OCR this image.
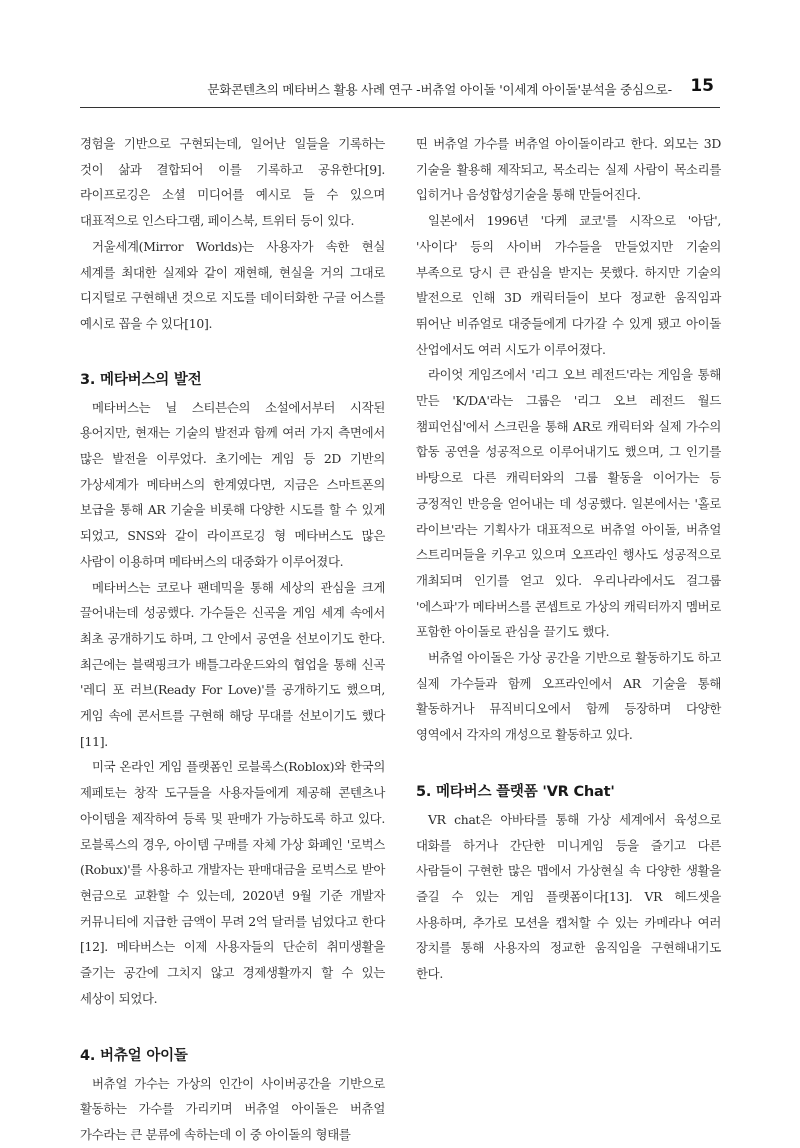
문화콘텐츠의 메타버스 활용 사례 연구 -버츄얼 아이돌 '이세계 아이돌'분석을 중심으로- 15

경험을 기반으로 구현되는데, 일어난 일들을 기록하는 것이 삶과 결합되어 이를 기록하고 공유한다[9]. 라이프로깅은 소셜 미디어를 예시로 들 수 있으며 대표적으로 인스타그램, 페이스북, 트위터 등이 있다.

거울세계(Mirror Worlds)는 사용자가 속한 현실 세계를 최대한 실제와 같이 재현해, 현실을 거의 그대로 디지털로 구현해낸 것으로 지도를 데이터화한 구글 어스를 예시로 꼽을 수 있다[10].

3. 메타버스의 발전

메타버스는 닐 스티븐슨의 소설에서부터 시작된 용어지만, 현재는 기술의 발전과 함께 여러 가지 측면에서 많은 발전을 이루었다. 초기에는 게임 등 2D 기반의 가상세계가 메타버스의 한계였다면, 지금은 스마트폰의 보급을 통해 AR 기술을 비롯해 다양한 시도를 할 수 있게 되었고, SNS와 같이 라이프로깅 형 메타버스도 많은 사람이 이용하며 메타버스의 대중화가 이루어졌다.

메타버스는 코로나 팬데믹을 통해 세상의 관심을 크게 끌어내는데 성공했다. 가수들은 신곡을 게임 세계 속에서 최초 공개하기도 하며, 그 안에서 공연을 선보이기도 한다. 최근에는 블랙핑크가 배틀그라운드와의 협업을 통해 신곡 '레디 포 러브(Ready For Love)'를 공개하기도 했으며, 게임 속에 콘서트를 구현해 해당 무대를 선보이기도 했다[11].

미국 온라인 게임 플랫폼인 로블록스(Roblox)와 한국의 제페토는 창작 도구들을 사용자들에게 제공해 콘텐츠나 아이템을 제작하여 등록 및 판매가 가능하도록 하고 있다. 로블록스의 경우, 아이템 구매를 자체 가상 화폐인 '로벅스(Robux)'를 사용하고 개발자는 판매대금을 로벅스로 받아 현금으로 교환할 수 있는데, 2020년 9월 기준 개발자 커뮤니티에 지급한 금액이 무려 2억 달러를 넘었다고 한다[12]. 메타버스는 이제 사용자들의 단순히 취미생활을 즐기는 공간에 그치지 않고 경제생활까지 할 수 있는 세상이 되었다.

4. 버츄얼 아이돌

버츄얼 가수는 가상의 인간이 사이버공간을 기반으로 활동하는 가수를 가리키며 버츄얼 아이돌은 버츄얼 가수라는 큰 분류에 속하는데 이 중 아이돌의 형태를

띤 버츄얼 가수를 버츄얼 아이돌이라고 한다. 외모는 3D 기술을 활용해 제작되고, 목소리는 실제 사람이 목소리를 입히거나 음성합성기술을 통해 만들어진다.

일본에서 1996년 '다케 쿄코'를 시작으로 '아담', '사이다' 등의 사이버 가수들을 만들었지만 기술의 부족으로 당시 큰 관심을 받지는 못했다. 하지만 기술의 발전으로 인해 3D 캐릭터들이 보다 정교한 움직임과 뛰어난 비쥬얼로 대중들에게 다가갈 수 있게 됐고 아이돌 산업에서도 여러 시도가 이루어졌다.

라이엇 게임즈에서 '리그 오브 레전드'라는 게임을 통해 만든 'K/DA'라는 그룹은 '리그 오브 레전드 월드 챔피언십'에서 스크린을 통해 AR로 캐릭터와 실제 가수의 합동 공연을 성공적으로 이루어내기도 했으며, 그 인기를 바탕으로 다른 캐릭터와의 그룹 활동을 이어가는 등 긍정적인 반응을 얻어내는 데 성공했다. 일본에서는 '홀로 라이브'라는 기획사가 대표적으로 버츄얼 아이돌, 버츄얼 스트리머들을 키우고 있으며 오프라인 행사도 성공적으로 개최되며 인기를 얻고 있다. 우리나라에서도 걸그룹 '에스파'가 메타버스를 콘셉트로 가상의 캐릭터까지 멤버로 포함한 아이돌로 관심을 끌기도 했다.

버츄얼 아이돌은 가상 공간을 기반으로 활동하기도 하고 실제 가수들과 함께 오프라인에서 AR 기술을 통해 활동하거나 뮤직비디오에서 함께 등장하며 다양한 영역에서 각자의 개성으로 활동하고 있다.

5. 메타버스 플랫폼 'VR Chat'

VR chat은 아바타를 통해 가상 세계에서 육성으로 대화를 하거나 간단한 미니게임 등을 즐기고 다른 사람들이 구현한 많은 맵에서 가상현실 속 다양한 생활을 즐길 수 있는 게임 플랫폼이다[13]. VR 헤드셋을 사용하며, 추가로 모션을 캡처할 수 있는 카메라나 여러 장치를 통해 사용자의 정교한 움직임을 구현해내기도 한다.
